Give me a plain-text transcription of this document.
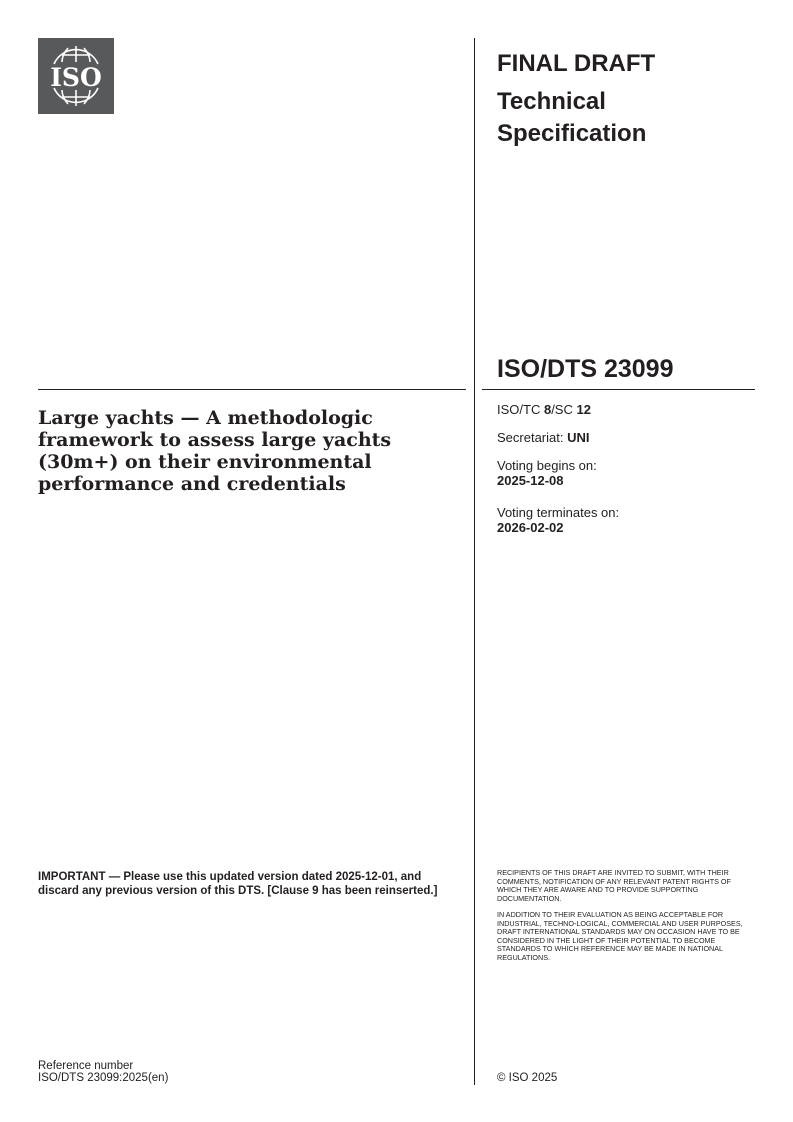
ISO	FINAL DRAFT
Technical
Specification
ISO/DTS 23099
Large yachts — A methodologic framework to assess large yachts (30m+) on their environmental performance and credentials
ISO/TC 8/SC 12
Secretariat: UNI
Voting begins on:
2025-12-08
Voting terminates on:
2026-02-02
IMPORTANT — Please use this updated version dated 2025-12-01, and discard any previous version of this DTS. [Clause 9 has been reinserted.]
RECIPIENTS OF THIS DRAFT ARE INVITED TO SUBMIT, WITH THEIR COMMENTS, NOTIFICATION OF ANY RELEVANT PATENT RIGHTS OF WHICH THEY ARE AWARE AND TO PROVIDE SUPPORTING DOCUMENTATION.
IN ADDITION TO THEIR EVALUATION AS BEING ACCEPTABLE FOR INDUSTRIAL, TECHNO-LOGICAL, COMMERCIAL AND USER PURPOSES, DRAFT INTERNATIONAL STANDARDS MAY ON OCCASION HAVE TO BE CONSIDERED IN THE LIGHT OF THEIR POTENTIAL TO BECOME STANDARDS TO WHICH REFERENCE MAY BE MADE IN NATIONAL REGULATIONS.
Reference number
ISO/DTS 23099:2025(en)	© ISO 2025
